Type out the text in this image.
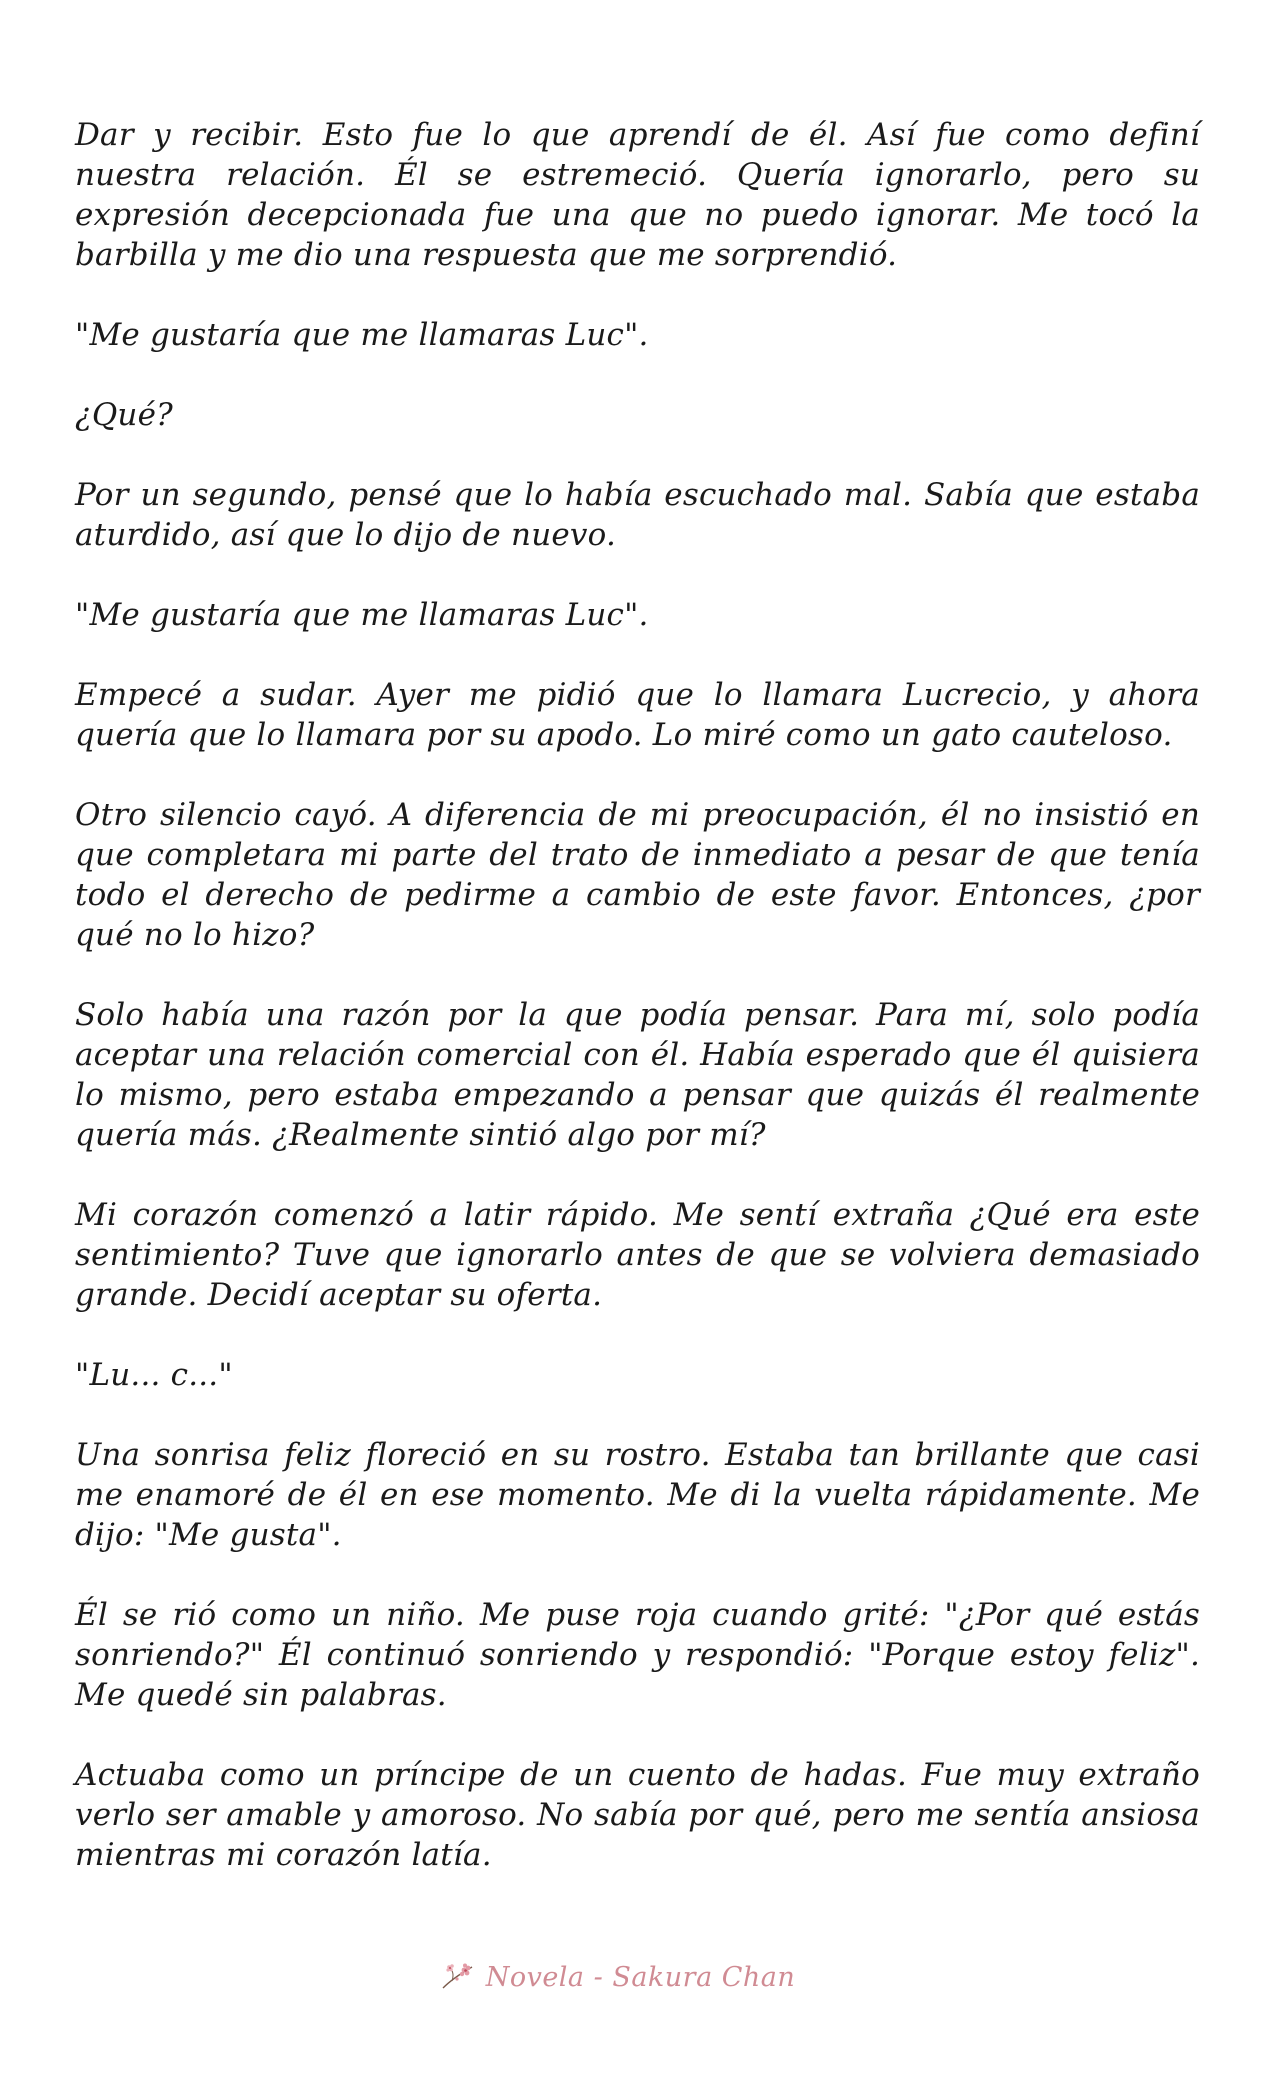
Dar y recibir. Esto fue lo que aprendí de él. Así fue como definí nuestra relación. Él se estremeció. Quería ignorarlo, pero su expresión decepcionada fue una que no puedo ignorar. Me tocó la barbilla y me dio una respuesta que me sorprendió.

"Me gustaría que me llamaras Luc".

¿Qué?

Por un segundo, pensé que lo había escuchado mal. Sabía que estaba aturdido, así que lo dijo de nuevo.

"Me gustaría que me llamaras Luc".

Empecé a sudar. Ayer me pidió que lo llamara Lucrecio, y ahora quería que lo llamara por su apodo. Lo miré como un gato cauteloso.

Otro silencio cayó. A diferencia de mi preocupación, él no insistió en que completara mi parte del trato de inmediato a pesar de que tenía todo el derecho de pedirme a cambio de este favor. Entonces, ¿por qué no lo hizo?

Solo había una razón por la que podía pensar. Para mí, solo podía aceptar una relación comercial con él. Había esperado que él quisiera lo mismo, pero estaba empezando a pensar que quizás él realmente quería más. ¿Realmente sintió algo por mí?

Mi corazón comenzó a latir rápido. Me sentí extraña ¿Qué era este sentimiento? Tuve que ignorarlo antes de que se volviera demasiado grande. Decidí aceptar su oferta.

"Lu... c..."

Una sonrisa feliz floreció en su rostro. Estaba tan brillante que casi me enamoré de él en ese momento. Me di la vuelta rápidamente. Me dijo: "Me gusta".

Él se rió como un niño. Me puse roja cuando grité: "¿Por qué estás sonriendo?" Él continuó sonriendo y respondió: "Porque estoy feliz". Me quedé sin palabras.

Actuaba como un príncipe de un cuento de hadas. Fue muy extraño verlo ser amable y amoroso. No sabía por qué, pero me sentía ansiosa mientras mi corazón latía.

Novela - Sakura Chan
